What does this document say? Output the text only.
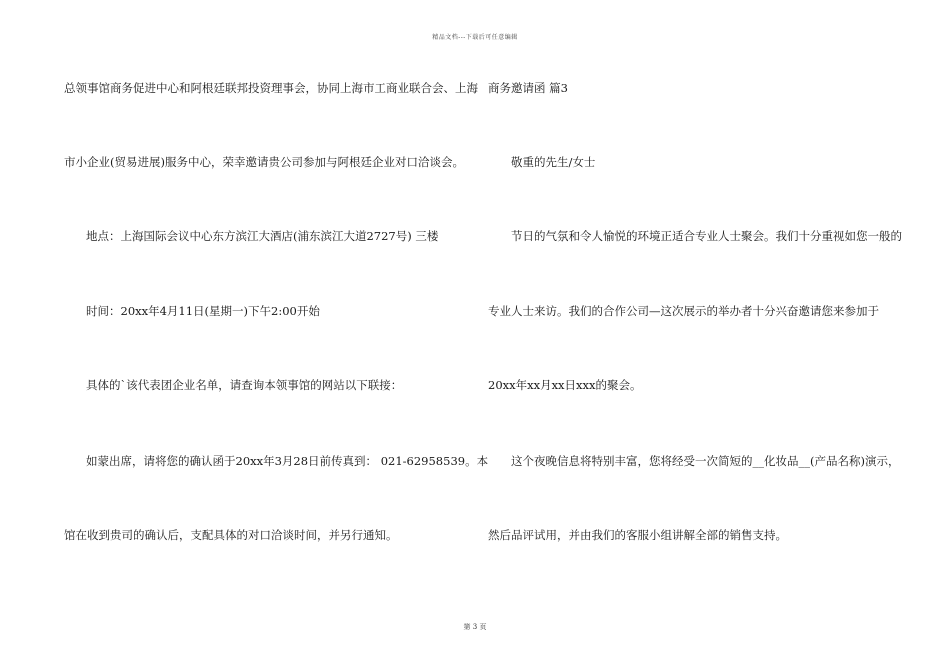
精品文档---下载后可任意编辑
总领事馆商务促进中心和阿根廷联邦投资理事会，协同上海市工商业联合会、上海
市小企业(贸易进展)服务中心，荣幸邀请贵公司参加与阿根廷企业对口洽谈会。
地点：上海国际会议中心东方滨江大酒店(浦东滨江大道2727号) 三楼
时间：20xx年4月11日(星期一)下午2:00开始
具体的`该代表团企业名单，请查询本领事馆的网站以下联接：
如蒙出席，请将您的确认函于20xx年3月28日前传真到： 021-62958539。本
馆在收到贵司的确认后，支配具体的对口洽谈时间，并另行通知。
商务邀请函 篇3
敬重的先生/女士
节日的气氛和令人愉悦的环境正适合专业人士聚会。我们十分重视如您一般的
专业人士来访。我们的合作公司—这次展示的举办者十分兴奋邀请您来参加于
20xx年xx月xx日xxx的聚会。
这个夜晚信息将特别丰富，您将经受一次简短的__化妆品__(产品名称)演示，
然后品评试用，并由我们的客服小组讲解全部的销售支持。
第 3 页
